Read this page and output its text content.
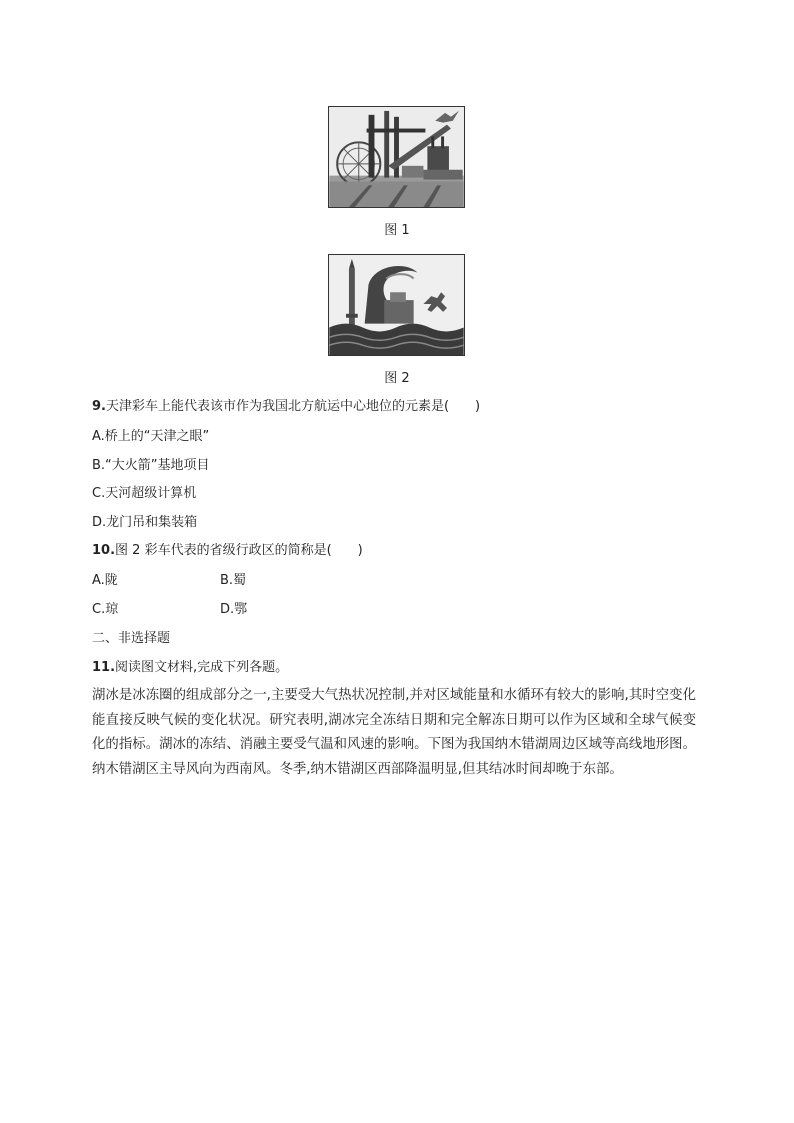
图 1
图 2
9.天津彩车上能代表该市作为我国北方航运中心地位的元素是(　　)
A.桥上的“天津之眼”
B.“大火箭”基地项目
C.天河超级计算机
D.龙门吊和集装箱
10.图 2 彩车代表的省级行政区的简称是(　　)
A.陇	B.蜀
C.琼	D.鄂
二、非选择题
11.阅读图文材料,完成下列各题。
湖冰是冰冻圈的组成部分之一,主要受大气热状况控制,并对区域能量和水循环有较大的影响,其时空变化能直接反映气候的变化状况。研究表明,湖冰完全冻结日期和完全解冻日期可以作为区域和全球气候变化的指标。湖冰的冻结、消融主要受气温和风速的影响。下图为我国纳木错湖周边区域等高线地形图。纳木错湖区主导风向为西南风。冬季,纳木错湖区西部降温明显,但其结冰时间却晚于东部。
